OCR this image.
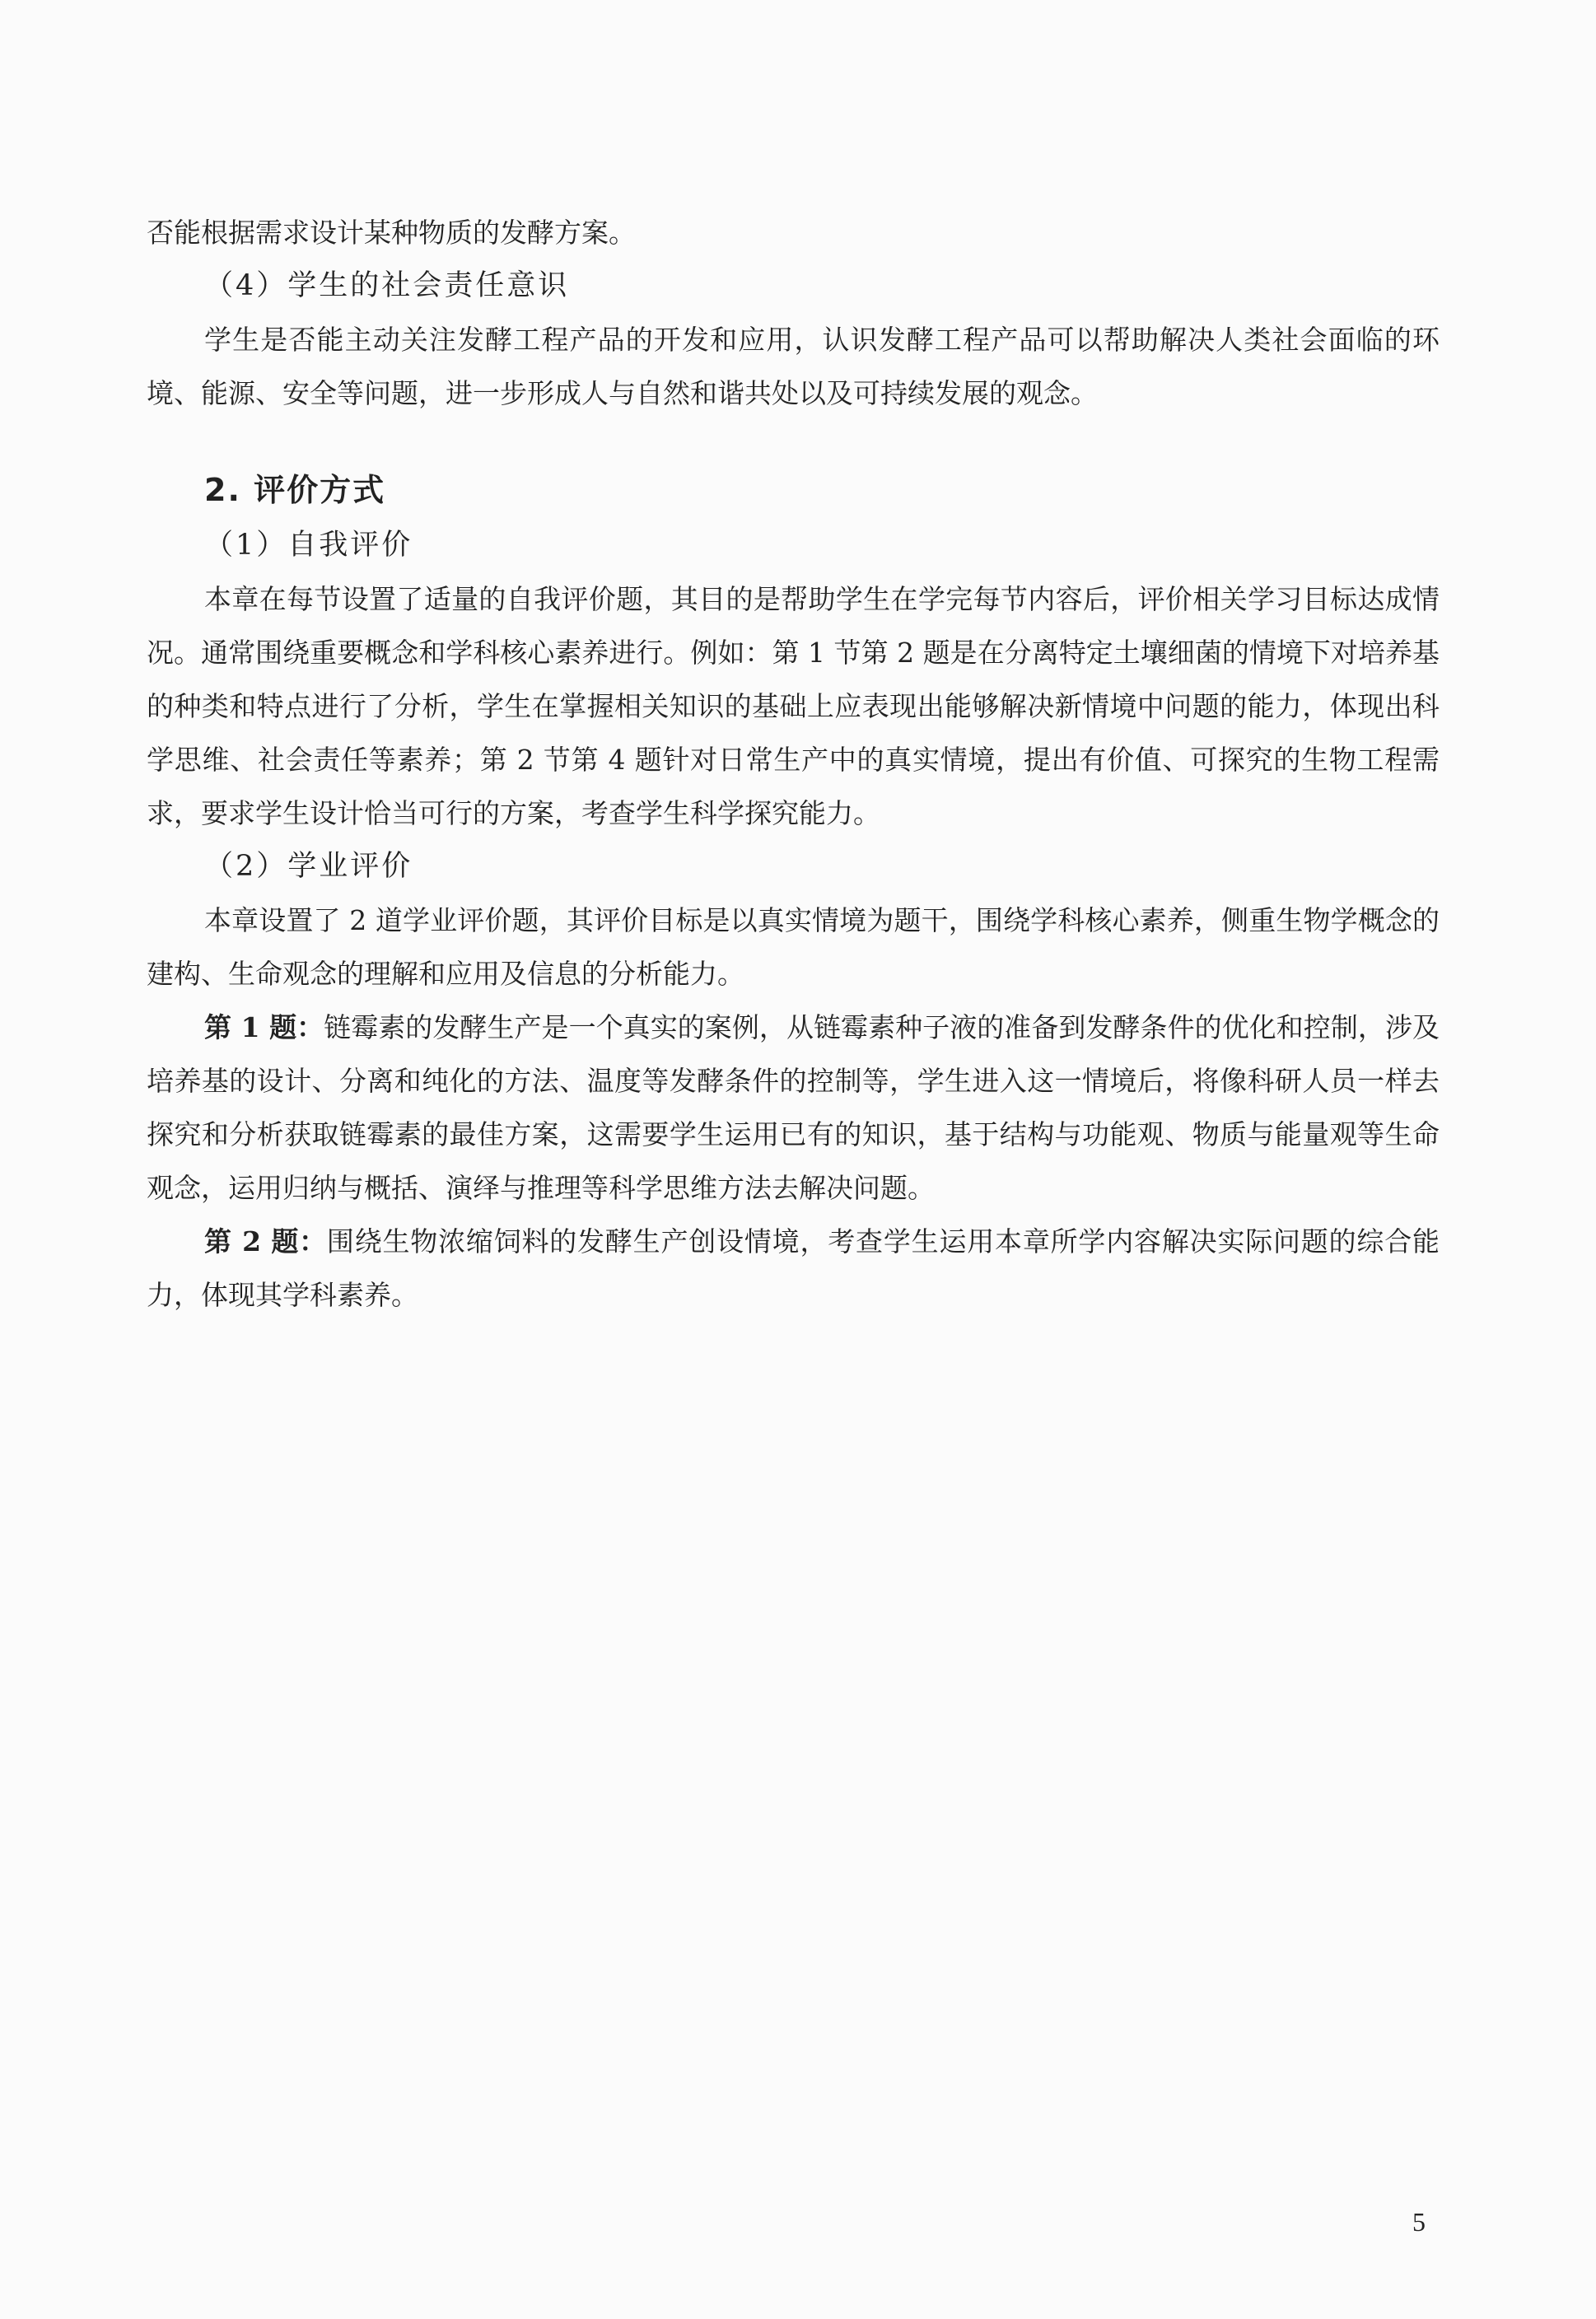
否能根据需求设计某种物质的发酵方案。

（4）学生的社会责任意识

学生是否能主动关注发酵工程产品的开发和应用，认识发酵工程产品可以帮助解决人类社会面临的环境、能源、安全等问题，进一步形成人与自然和谐共处以及可持续发展的观念。

2. 评价方式

（1）自我评价

本章在每节设置了适量的自我评价题，其目的是帮助学生在学完每节内容后，评价相关学习目标达成情况。通常围绕重要概念和学科核心素养进行。例如：第 1 节第 2 题是在分离特定土壤细菌的情境下对培养基的种类和特点进行了分析，学生在掌握相关知识的基础上应表现出能够解决新情境中问题的能力，体现出科学思维、社会责任等素养；第 2 节第 4 题针对日常生产中的真实情境，提出有价值、可探究的生物工程需求，要求学生设计恰当可行的方案，考查学生科学探究能力。

（2）学业评价

本章设置了 2 道学业评价题，其评价目标是以真实情境为题干，围绕学科核心素养，侧重生物学概念的建构、生命观念的理解和应用及信息的分析能力。

第 1 题：链霉素的发酵生产是一个真实的案例，从链霉素种子液的准备到发酵条件的优化和控制，涉及培养基的设计、分离和纯化的方法、温度等发酵条件的控制等，学生进入这一情境后，将像科研人员一样去探究和分析获取链霉素的最佳方案，这需要学生运用已有的知识，基于结构与功能观、物质与能量观等生命观念，运用归纳与概括、演绎与推理等科学思维方法去解决问题。

第 2 题：围绕生物浓缩饲料的发酵生产创设情境，考查学生运用本章所学内容解决实际问题的综合能力，体现其学科素养。

5
